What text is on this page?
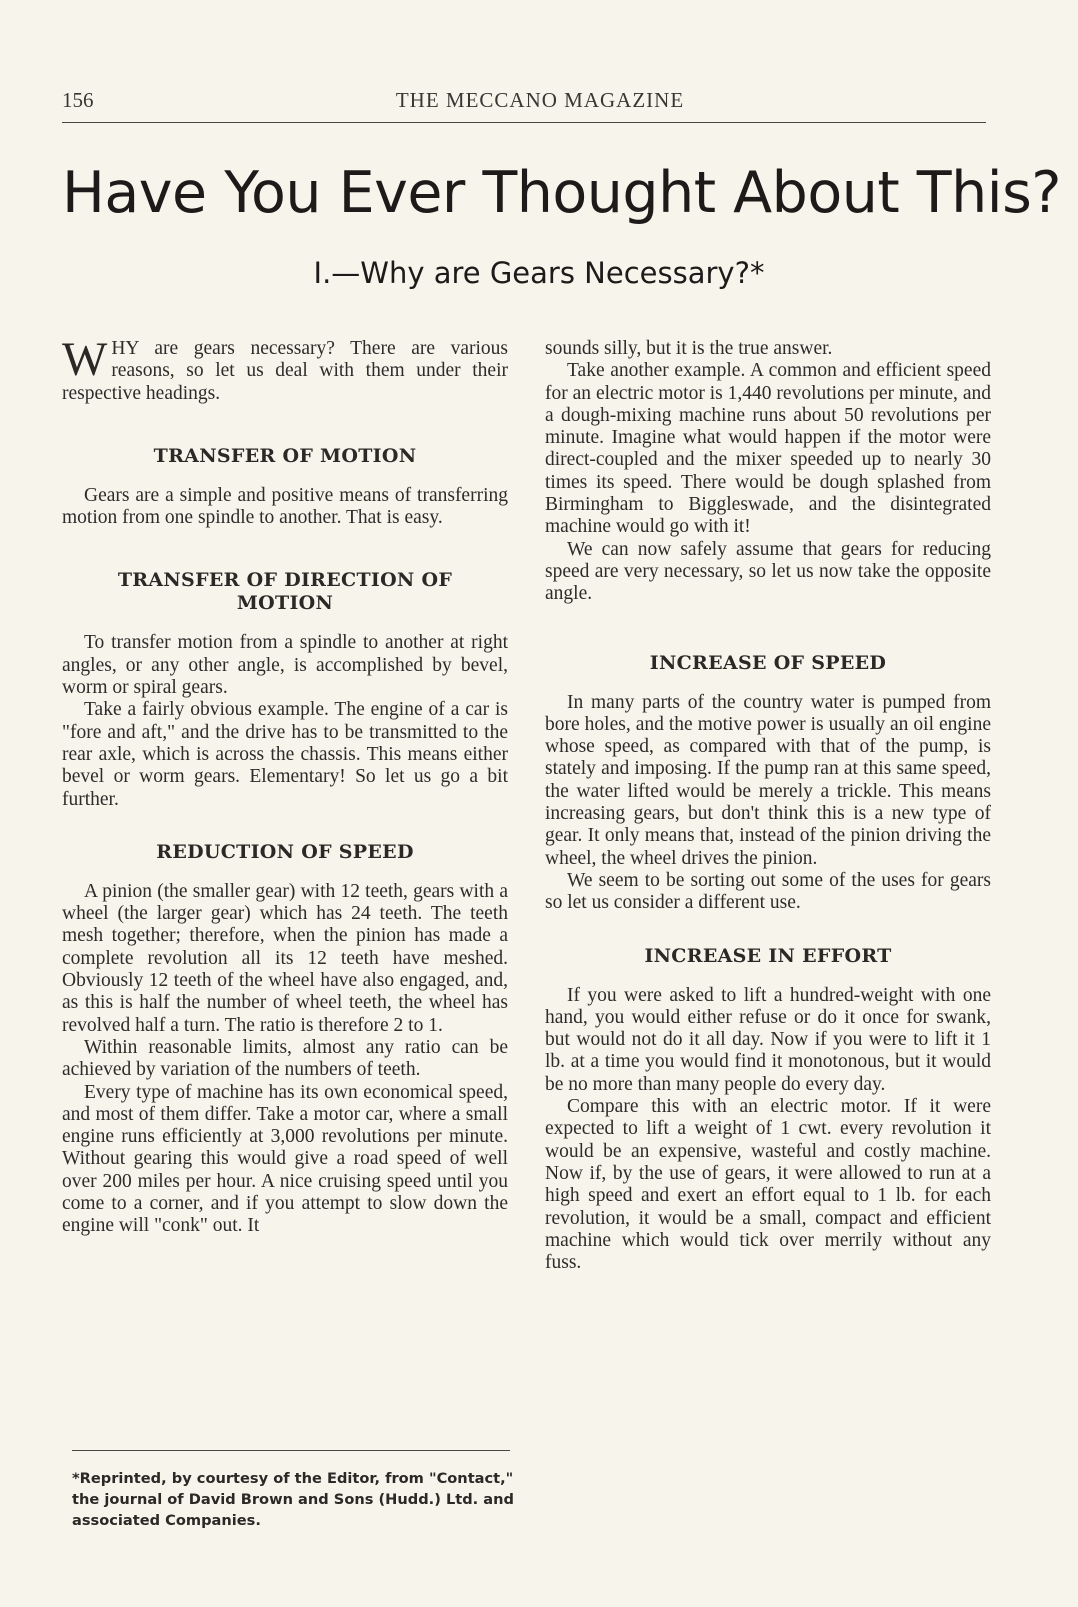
156	THE MECCANO MAGAZINE
Have You Ever Thought About This?
I.—Why are Gears Necessary?*

WHY are gears necessary? There are various reasons, so let us deal with them under their respective headings.

TRANSFER OF MOTION

Gears are a simple and positive means of transferring motion from one spindle to another. That is easy.

TRANSFER OF DIRECTION OF MOTION

To transfer motion from a spindle to another at right angles, or any other angle, is accomplished by bevel, worm or spiral gears.

Take a fairly obvious example. The engine of a car is "fore and aft," and the drive has to be transmitted to the rear axle, which is across the chassis. This means either bevel or worm gears. Elementary! So let us go a bit further.

REDUCTION OF SPEED

A pinion (the smaller gear) with 12 teeth, gears with a wheel (the larger gear) which has 24 teeth. The teeth mesh together; therefore, when the pinion has made a complete revolution all its 12 teeth have meshed. Obviously 12 teeth of the wheel have also engaged, and, as this is half the number of wheel teeth, the wheel has revolved half a turn. The ratio is therefore 2 to 1.

Within reasonable limits, almost any ratio can be achieved by variation of the numbers of teeth.

Every type of machine has its own economical speed, and most of them differ. Take a motor car, where a small engine runs efficiently at 3,000 revolutions per minute. Without gearing this would give a road speed of well over 200 miles per hour. A nice cruising speed until you come to a corner, and if you attempt to slow down the engine will "conk" out. It

*Reprinted, by courtesy of the Editor, from "Contact," the journal of David Brown and Sons (Hudd.) Ltd. and associated Companies.

sounds silly, but it is the true answer.

Take another example. A common and efficient speed for an electric motor is 1,440 revolutions per minute, and a dough-mixing machine runs about 50 revolutions per minute. Imagine what would happen if the motor were direct-coupled and the mixer speeded up to nearly 30 times its speed. There would be dough splashed from Birmingham to Biggleswade, and the disintegrated machine would go with it!

We can now safely assume that gears for reducing speed are very necessary, so let us now take the opposite angle.

INCREASE OF SPEED

In many parts of the country water is pumped from bore holes, and the motive power is usually an oil engine whose speed, as compared with that of the pump, is stately and imposing. If the pump ran at this same speed, the water lifted would be merely a trickle. This means increasing gears, but don't think this is a new type of gear. It only means that, instead of the pinion driving the wheel, the wheel drives the pinion.

We seem to be sorting out some of the uses for gears so let us consider a different use.

INCREASE IN EFFORT

If you were asked to lift a hundred-weight with one hand, you would either refuse or do it once for swank, but would not do it all day. Now if you were to lift it 1 lb. at a time you would find it monotonous, but it would be no more than many people do every day.

Compare this with an electric motor. If it were expected to lift a weight of 1 cwt. every revolution it would be an expensive, wasteful and costly machine. Now if, by the use of gears, it were allowed to run at a high speed and exert an effort equal to 1 lb. for each revolution, it would be a small, compact and efficient machine which would tick over merrily without any fuss.
